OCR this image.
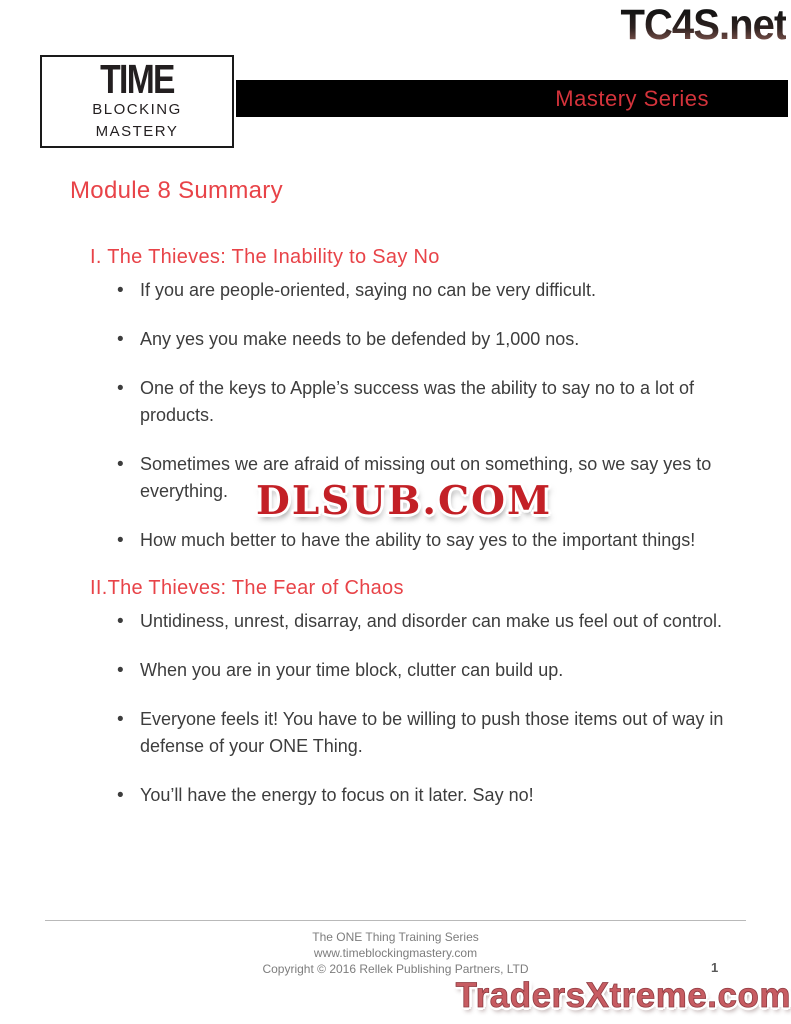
TC4S.net
Mastery Series
TIME
BLOCKING
MASTERY
Module 8 Summary
I. The Thieves: The Inability to Say No
• If you are people-oriented, saying no can be very difficult.
• Any yes you make needs to be defended by 1,000 nos.
• One of the keys to Apple’s success was the ability to say no to a lot of products.
• Sometimes we are afraid of missing out on something, so we say yes to everything.
• How much better to have the ability to say yes to the important things!
II.The Thieves: The Fear of Chaos
• Untidiness, unrest, disarray, and disorder can make us feel out of control.
• When you are in your time block, clutter can build up.
• Everyone feels it! You have to be willing to push those items out of way in defense of your ONE Thing.
• You’ll have the energy to focus on it later. Say no!
DLSUB.COM
The ONE Thing Training Series
www.timeblockingmastery.com
Copyright © 2016 Rellek Publishing Partners, LTD	1
TradersXtreme.com
